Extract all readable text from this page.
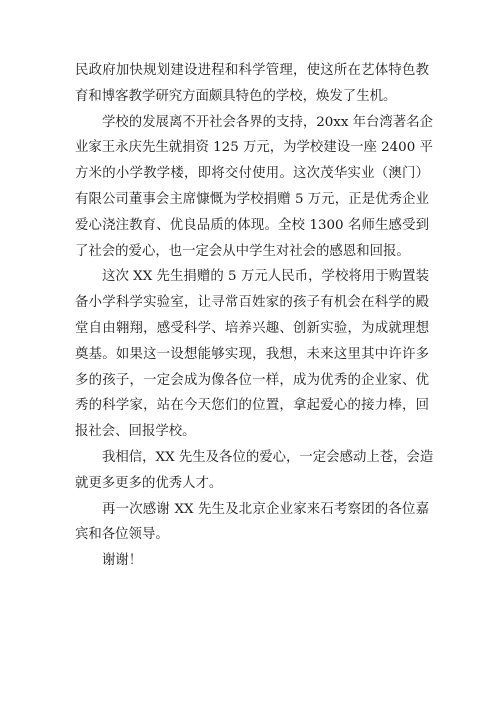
民政府加快规划建设进程和科学管理，使这所在艺体特色教
育和博客教学研究方面颇具特色的学校，焕发了生机。
学校的发展离不开社会各界的支持，20xx 年台湾著名企
业家王永庆先生就捐资 125 万元，为学校建设一座 2400 平
方米的小学教学楼，即将交付使用。这次茂华实业（澳门）
有限公司董事会主席慷慨为学校捐赠 5 万元，正是优秀企业
爱心浇注教育、优良品质的体现。全校 1300 名师生感受到
了社会的爱心，也一定会从中学生对社会的感恩和回报。
这次 XX 先生捐赠的 5 万元人民币，学校将用于购置装
备小学科学实验室，让寻常百姓家的孩子有机会在科学的殿
堂自由翱翔，感受科学、培养兴趣、创新实验，为成就理想
奠基。如果这一设想能够实现，我想，未来这里其中许许多
多的孩子，一定会成为像各位一样，成为优秀的企业家、优
秀的科学家，站在今天您们的位置，拿起爱心的接力棒，回
报社会、回报学校。
我相信，XX 先生及各位的爱心，一定会感动上苍，会造
就更多更多的优秀人才。
再一次感谢 XX 先生及北京企业家来石考察团的各位嘉
宾和各位领导。
谢谢！
